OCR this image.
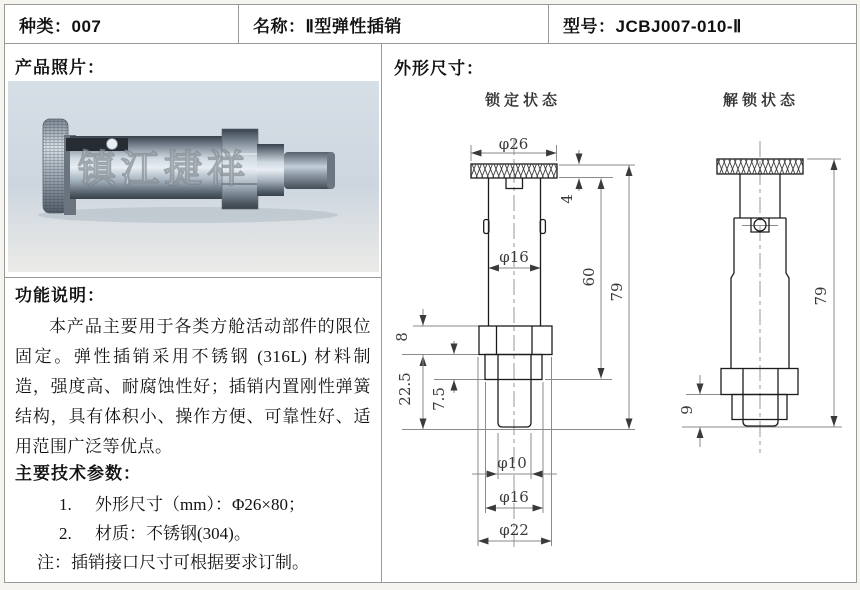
种类：007	名称：Ⅱ型弹性插销	型号：JCBJ007-010-Ⅱ
产品照片：
镇江捷祥
功能说明：

本产品主要用于各类方舱活动部件的限位固定。弹性插销采用不锈钢 (316L) 材料制造，强度高、耐腐蚀性好；插销内置刚性弹簧结构，具有体积小、操作方便、可靠性好、适用范围广泛等优点。

主要技术参数：
1.	外形尺寸（mm）：Φ26×80；
2.	材质：不锈钢(304)。
注：插销接口尺寸可根据要求订制。
外形尺寸：
锁定状态	解锁状态
φ26
4
φ16
60
79
8
22.5 7.5
φ10
φ16
φ22
79
9
